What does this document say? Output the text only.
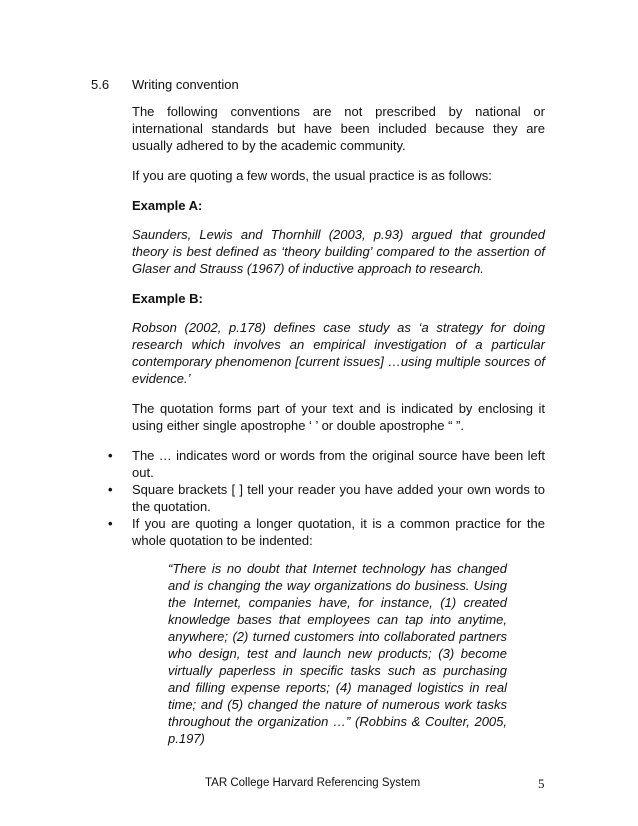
5.6 Writing convention

The following conventions are not prescribed by national or international standards but have been included because they are usually adhered to by the academic community.

If you are quoting a few words, the usual practice is as follows:

Example A:

Saunders, Lewis and Thornhill (2003, p.93) argued that grounded theory is best defined as ‘theory building’ compared to the assertion of Glaser and Strauss (1967) of inductive approach to research.

Example B:

Robson (2002, p.178) defines case study as ‘a strategy for doing research which involves an empirical investigation of a particular contemporary phenomenon [current issues] …using multiple sources of evidence.’

The quotation forms part of your text and is indicated by enclosing it using either single apostrophe ‘ ’ or double apostrophe “ ”.

•	The … indicates word or words from the original source have been left out.
•	Square brackets [ ] tell your reader you have added your own words to the quotation.
•	If you are quoting a longer quotation, it is a common practice for the whole quotation to be indented:
“There is no doubt that Internet technology has changed and is changing the way organizations do business. Using the Internet, companies have, for instance, (1) created knowledge bases that employees can tap into anytime, anywhere; (2) turned customers into collaborated partners who design, test and launch new products; (3) become virtually paperless in specific tasks such as purchasing and filling expense reports; (4) managed logistics in real time; and (5) changed the nature of numerous work tasks throughout the organization …” (Robbins & Coulter, 2005, p.197)
TAR College Harvard Referencing System	5
